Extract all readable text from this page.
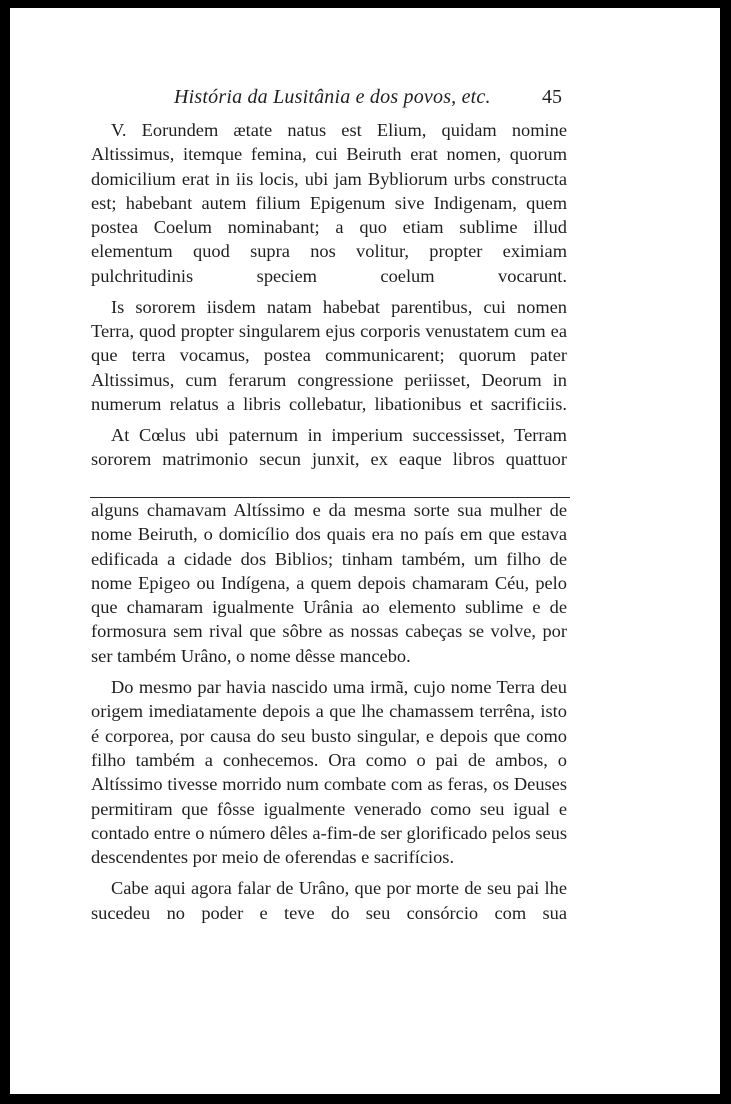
História da Lusitânia e dos povos, etc.	45

V. Eorundem ætate natus est Elium, quidam nomine Altissimus, itemque femina, cui Beiruth erat nomen, quorum domicilium erat in iis locis, ubi jam Bybliorum urbs constructa est; habebant autem filium Epigenum sive Indigenam, quem postea Coelum nominabant; a quo etiam sublime illud elementum quod supra nos volitur, propter eximiam pulchritudinis speciem coelum vocarunt.

Is sororem iisdem natam habebat parentibus, cui nomen Terra, quod propter singularem ejus corporis venustatem cum ea que terra vocamus, postea communicarent; quorum pater Altissimus, cum ferarum congressione periisset, Deorum in numerum relatus a libris collebatur, libationibus et sacrificiis.

At Cœlus ubi paternum in imperium successisset, Terram sororem matrimonio secun junxit, ex eaque libros quattuor

alguns chamavam Altíssimo e da mesma sorte sua mulher de nome Beiruth, o domicílio dos quais era no país em que estava edificada a cidade dos Biblios; tinham também, um filho de nome Epigeo ou Indígena, a quem depois chamaram Céu, pelo que chamaram igualmente Urânia ao elemento sublime e de formosura sem rival que sôbre as nossas cabeças se volve, por ser também Urâno, o nome dêsse mancebo.

Do mesmo par havia nascido uma irmã, cujo nome Terra deu origem imediatamente depois a que lhe chamassem terrêna, isto é corporea, por causa do seu busto singular, e depois que como filho também a conhecemos. Ora como o pai de ambos, o Altíssimo tivesse morrido num combate com as feras, os Deuses permitiram que fôsse igualmente venerado como seu igual e contado entre o número dêles a-fim-de ser glorificado pelos seus descendentes por meio de oferendas e sacrifícios.

Cabe aqui agora falar de Urâno, que por morte de seu pai lhe sucedeu no poder e teve do seu consórcio com sua
